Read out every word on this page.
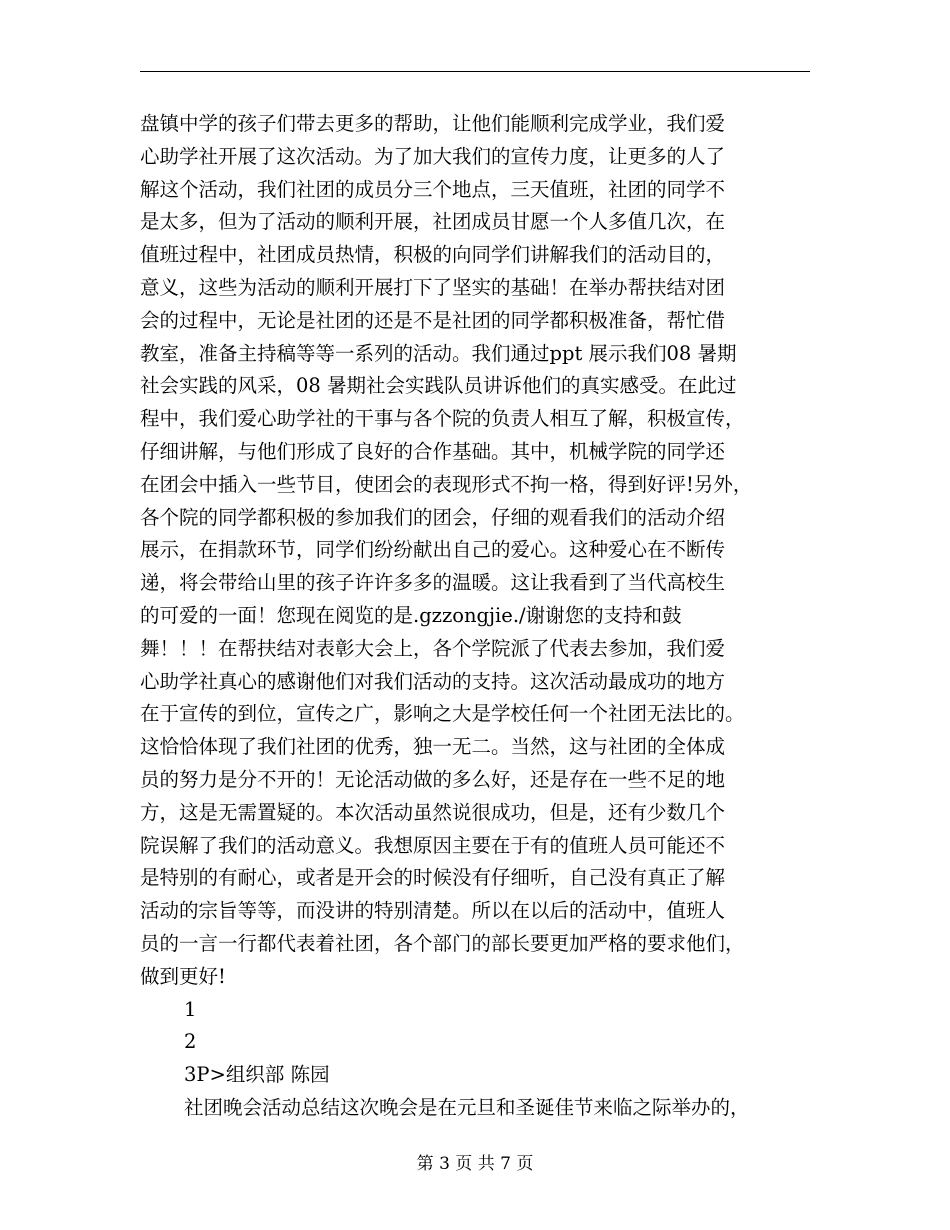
盘镇中学的孩子们带去更多的帮助，让他们能顺利完成学业，我们爱
心助学社开展了这次活动。为了加大我们的宣传力度，让更多的人了
解这个活动，我们社团的成员分三个地点，三天值班，社团的同学不
是太多，但为了活动的顺利开展，社团成员甘愿一个人多值几次，在
值班过程中，社团成员热情，积极的向同学们讲解我们的活动目的，
意义，这些为活动的顺利开展打下了坚实的基础！在举办帮扶结对团
会的过程中，无论是社团的还是不是社团的同学都积极准备，帮忙借
教室，准备主持稿等等一系列的活动。我们通过ppt 展示我们08 暑期
社会实践的风采，08 暑期社会实践队员讲诉他们的真实感受。在此过
程中，我们爱心助学社的干事与各个院的负责人相互了解，积极宣传，
仔细讲解，与他们形成了良好的合作基础。其中，机械学院的同学还
在团会中插入一些节目，使团会的表现形式不拘一格，得到好评!另外，
各个院的同学都积极的参加我们的团会，仔细的观看我们的活动介绍
展示，在捐款环节，同学们纷纷献出自己的爱心。这种爱心在不断传
递，将会带给山里的孩子许许多多的温暖。这让我看到了当代高校生
的可爱的一面！您现在阅览的是.gzzongjie./谢谢您的支持和鼓
舞！！！在帮扶结对表彰大会上，各个学院派了代表去参加，我们爱
心助学社真心的感谢他们对我们活动的支持。这次活动最成功的地方
在于宣传的到位，宣传之广，影响之大是学校任何一个社团无法比的。
这恰恰体现了我们社团的优秀，独一无二。当然，这与社团的全体成
员的努力是分不开的！无论活动做的多么好，还是存在一些不足的地
方，这是无需置疑的。本次活动虽然说很成功，但是，还有少数几个
院误解了我们的活动意义。我想原因主要在于有的值班人员可能还不
是特别的有耐心，或者是开会的时候没有仔细听，自己没有真正了解
活动的宗旨等等，而没讲的特别清楚。所以在以后的活动中，值班人
员的一言一行都代表着社团，各个部门的部长要更加严格的要求他们，
做到更好!
1
2
3P>组织部 陈园
社团晚会活动总结这次晚会是在元旦和圣诞佳节来临之际举办的，
第 3 页 共 7 页
